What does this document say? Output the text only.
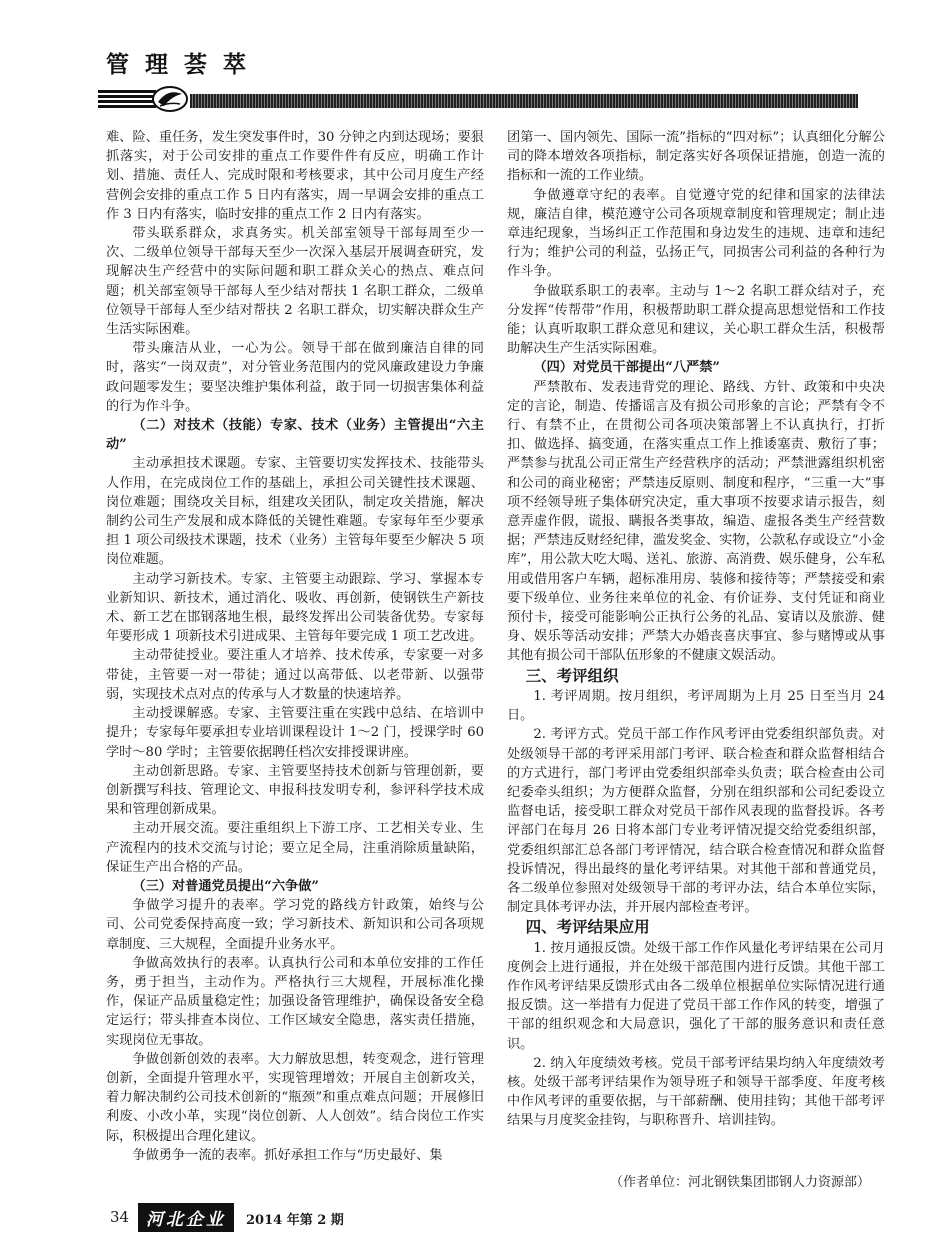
管理荟萃

难、险、重任务，发生突发事件时，30 分钟之内到达现场；要狠抓落实，对于公司安排的重点工作要件件有反应，明确工作计划、措施、责任人、完成时限和考核要求，其中公司月度生产经营例会安排的重点工作 5 日内有落实，周一早调会安排的重点工作 3 日内有落实，临时安排的重点工作 2 日内有落实。

带头联系群众，求真务实。机关部室领导干部每周至少一次、二级单位领导干部每天至少一次深入基层开展调查研究，发现解决生产经营中的实际问题和职工群众关心的热点、难点问题；机关部室领导干部每人至少结对帮扶 1 名职工群众，二级单位领导干部每人至少结对帮扶 2 名职工群众，切实解决群众生产生活实际困难。

带头廉洁从业，一心为公。领导干部在做到廉洁自律的同时，落实“一岗双责”，对分管业务范围内的党风廉政建设力争廉政问题零发生；要坚决维护集体利益，敢于同一切损害集体利益的行为作斗争。

（二）对技术（技能）专家、技术（业务）主管提出“六主动”

主动承担技术课题。专家、主管要切实发挥技术、技能带头人作用，在完成岗位工作的基础上，承担公司关键性技术课题、岗位难题；围绕攻关目标，组建攻关团队，制定攻关措施，解决制约公司生产发展和成本降低的关键性难题。专家每年至少要承担 1 项公司级技术课题，技术（业务）主管每年要至少解决 5 项岗位难题。

主动学习新技术。专家、主管要主动跟踪、学习、掌握本专业新知识、新技术，通过消化、吸收、再创新，使钢铁生产新技术、新工艺在邯钢落地生根，最终发挥出公司装备优势。专家每年要形成 1 项新技术引进成果、主管每年要完成 1 项工艺改进。

主动带徒授业。要注重人才培养、技术传承，专家要一对多带徒，主管要一对一带徒；通过以高带低、以老带新、以强带弱，实现技术点对点的传承与人才数量的快速培养。

主动授课解惑。专家、主管要注重在实践中总结、在培训中提升；专家每年要承担专业培训课程设计 1～2 门，授课学时 60 学时～80 学时；主管要依据聘任档次安排授课讲座。

主动创新思路。专家、主管要坚持技术创新与管理创新，要创新撰写科技、管理论文、申报科技发明专利，参评科学技术成果和管理创新成果。

主动开展交流。要注重组织上下游工序、工艺相关专业、生产流程内的技术交流与讨论；要立足全局，注重消除质量缺陷，保证生产出合格的产品。

（三）对普通党员提出“六争做”

争做学习提升的表率。学习党的路线方针政策，始终与公司、公司党委保持高度一致；学习新技术、新知识和公司各项规章制度、三大规程，全面提升业务水平。

争做高效执行的表率。认真执行公司和本单位安排的工作任务，勇于担当，主动作为。严格执行三大规程，开展标准化操作，保证产品质量稳定性；加强设备管理维护，确保设备安全稳定运行；带头排查本岗位、工作区域安全隐患，落实责任措施，实现岗位无事故。

争做创新创效的表率。大力解放思想，转变观念，进行管理创新，全面提升管理水平，实现管理增效；开展自主创新攻关，着力解决制约公司技术创新的“瓶颈”和重点难点问题；开展修旧利废、小改小革，实现“岗位创新、人人创效”。结合岗位工作实际，积极提出合理化建议。

争做勇争一流的表率。抓好承担工作与“历史最好、集

团第一、国内领先、国际一流”指标的“四对标”；认真细化分解公司的降本增效各项指标，制定落实好各项保证措施，创造一流的指标和一流的工作业绩。

争做遵章守纪的表率。自觉遵守党的纪律和国家的法律法规，廉洁自律，模范遵守公司各项规章制度和管理规定；制止违章违纪现象，当场纠正工作范围和身边发生的违规、违章和违纪行为；维护公司的利益，弘扬正气，同损害公司利益的各种行为作斗争。

争做联系职工的表率。主动与 1～2 名职工群众结对子，充分发挥“传帮带”作用，积极帮助职工群众提高思想觉悟和工作技能；认真听取职工群众意见和建议，关心职工群众生活，积极帮助解决生产生活实际困难。

（四）对党员干部提出“八严禁”

严禁散布、发表违背党的理论、路线、方针、政策和中央决定的言论，制造、传播谣言及有损公司形象的言论；严禁有令不行、有禁不止，在贯彻公司各项决策部署上不认真执行，打折扣、做选择、搞变通，在落实重点工作上推诿塞责、敷衍了事；严禁参与扰乱公司正常生产经营秩序的活动；严禁泄露组织机密和公司的商业秘密；严禁违反原则、制度和程序，“三重一大”事项不经领导班子集体研究决定，重大事项不按要求请示报告，刻意弄虚作假，谎报、瞒报各类事故，编造、虚报各类生产经营数据；严禁违反财经纪律，滥发奖金、实物，公款私存或设立“小金库”，用公款大吃大喝、送礼、旅游、高消费、娱乐健身，公车私用或借用客户车辆，超标准用房、装修和接待等；严禁接受和索要下级单位、业务往来单位的礼金、有价证券、支付凭证和商业预付卡，接受可能影响公正执行公务的礼品、宴请以及旅游、健身、娱乐等活动安排；严禁大办婚丧喜庆事宜、参与赌博或从事其他有损公司干部队伍形象的不健康文娱活动。

三、考评组织

1. 考评周期。按月组织，考评周期为上月 25 日至当月 24 日。

2. 考评方式。党员干部工作作风考评由党委组织部负责。对处级领导干部的考评采用部门考评、联合检查和群众监督相结合的方式进行，部门考评由党委组织部牵头负责；联合检查由公司纪委牵头组织；为方便群众监督，分别在组织部和公司纪委设立监督电话，接受职工群众对党员干部作风表现的监督投诉。各考评部门在每月 26 日将本部门专业考评情况提交给党委组织部，党委组织部汇总各部门考评情况，结合联合检查情况和群众监督投诉情况，得出最终的量化考评结果。对其他干部和普通党员，各二级单位参照对处级领导干部的考评办法，结合本单位实际，制定具体考评办法，并开展内部检查考评。

四、考评结果应用

1. 按月通报反馈。处级干部工作作风量化考评结果在公司月度例会上进行通报，并在处级干部范围内进行反馈。其他干部工作作风考评结果反馈形式由各二级单位根据单位实际情况进行通报反馈。这一举措有力促进了党员干部工作作风的转变，增强了干部的组织观念和大局意识，强化了干部的服务意识和责任意识。

2. 纳入年度绩效考核。党员干部考评结果均纳入年度绩效考核。处级干部考评结果作为领导班子和领导干部季度、年度考核中作风考评的重要依据，与干部薪酬、使用挂钩；其他干部考评结果与月度奖金挂钩，与职称晋升、培训挂钩。

（作者单位：河北钢铁集团邯钢人力资源部）
34 河北企业	2014 年第 2 期
